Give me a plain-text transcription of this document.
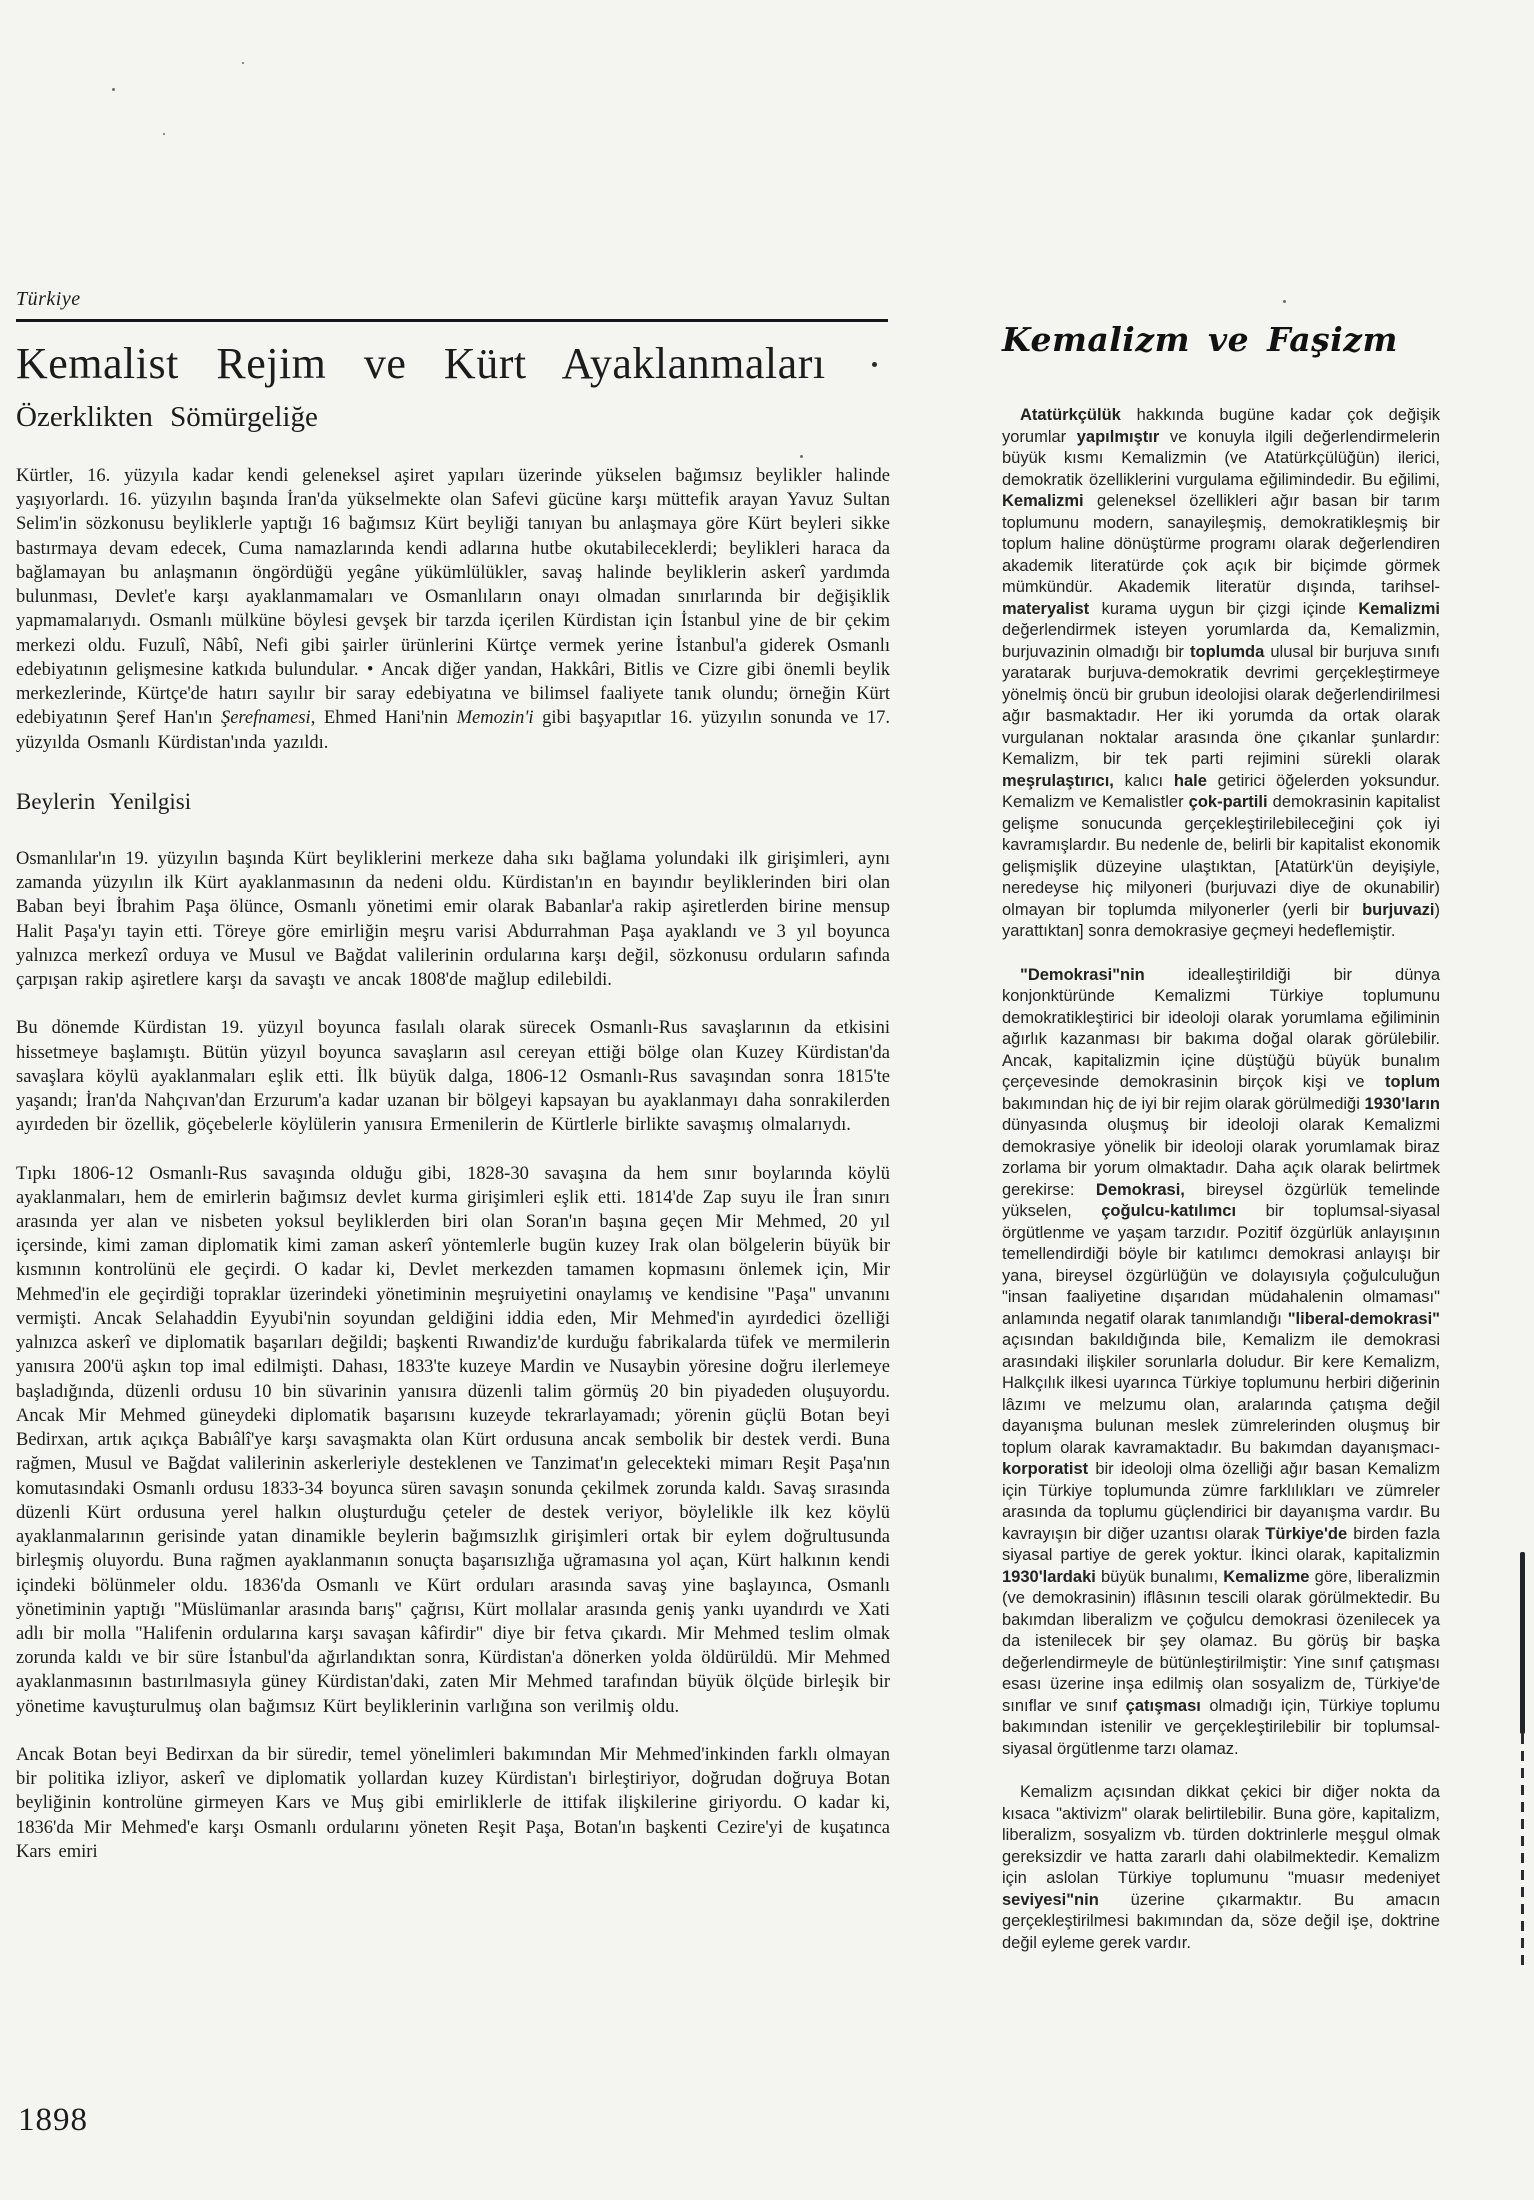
Türkiye
Kemalist Rejim ve Kürt Ayaklanmaları
Özerklikten Sömürgeliğe

Kürtler, 16. yüzyıla kadar kendi geleneksel aşiret yapıları üzerinde yükselen bağımsız beylikler halinde yaşıyorlardı. 16. yüzyılın başında İran'da yükselmekte olan Safevi gücüne karşı müttefik arayan Yavuz Sultan Selim'in sözkonusu beyliklerle yaptığı 16 bağımsız Kürt beyliği tanıyan bu anlaşmaya göre Kürt beyleri sikke bastırmaya devam edecek, Cuma namazlarında kendi adlarına hutbe okutabileceklerdi; beylikleri haraca da bağlamayan bu anlaşmanın öngördüğü yegâne yükümlülükler, savaş halinde beyliklerin askerî yardımda bulunması, Devlet'e karşı ayaklanmamaları ve Osmanlıların onayı olmadan sınırlarında bir değişiklik yapmamalarıydı. Osmanlı mülküne böylesi gevşek bir tarzda içerilen Kürdistan için İstanbul yine de bir çekim merkezi oldu. Fuzulî, Nâbî, Nefi gibi şairler ürünlerini Kürtçe vermek yerine İstanbul'a giderek Osmanlı edebiyatının gelişmesine katkıda bulundular. • Ancak diğer yandan, Hakkâri, Bitlis ve Cizre gibi önemli beylik merkezlerinde, Kürtçe'de hatırı sayılır bir saray edebiyatına ve bilimsel faaliyete tanık olundu; örneğin Kürt edebiyatının Şeref Han'ın Şerefnamesi, Ehmed Hani'nin Memozin'i gibi başyapıtlar 16. yüzyılın sonunda ve 17. yüzyılda Osmanlı Kürdistan'ında yazıldı.

Beylerin Yenilgisi

Osmanlılar'ın 19. yüzyılın başında Kürt beyliklerini merkeze daha sıkı bağlama yolundaki ilk girişimleri, aynı zamanda yüzyılın ilk Kürt ayaklanmasının da nedeni oldu. Kürdistan'ın en bayındır beyliklerinden biri olan Baban beyi İbrahim Paşa ölünce, Osmanlı yönetimi emir olarak Babanlar'a rakip aşiretlerden birine mensup Halit Paşa'yı tayin etti. Töreye göre emirliğin meşru varisi Abdurrahman Paşa ayaklandı ve 3 yıl boyunca yalnızca merkezî orduya ve Musul ve Bağdat valilerinin ordularına karşı değil, sözkonusu orduların safında çarpışan rakip aşiretlere karşı da savaştı ve ancak 1808'de mağlup edilebildi.

Bu dönemde Kürdistan 19. yüzyıl boyunca fasılalı olarak sürecek Osmanlı-Rus savaşlarının da etkisini hissetmeye başlamıştı. Bütün yüzyıl boyunca savaşların asıl cereyan ettiği bölge olan Kuzey Kürdistan'da savaşlara köylü ayaklanmaları eşlik etti. İlk büyük dalga, 1806-12 Osmanlı-Rus savaşından sonra 1815'te yaşandı; İran'da Nahçıvan'dan Erzurum'a kadar uzanan bir bölgeyi kapsayan bu ayaklanmayı daha sonrakilerden ayırdeden bir özellik, göçebelerle köylülerin yanısıra Ermenilerin de Kürtlerle birlikte savaşmış olmalarıydı.

Tıpkı 1806-12 Osmanlı-Rus savaşında olduğu gibi, 1828-30 savaşına da hem sınır boylarında köylü ayaklanmaları, hem de emirlerin bağımsız devlet kurma girişimleri eşlik etti. 1814'de Zap suyu ile İran sınırı arasında yer alan ve nisbeten yoksul beyliklerden biri olan Soran'ın başına geçen Mir Mehmed, 20 yıl içersinde, kimi zaman diplomatik kimi zaman askerî yöntemlerle bugün kuzey Irak olan bölgelerin büyük bir kısmının kontrolünü ele geçirdi. O kadar ki, Devlet merkezden tamamen kopmasını önlemek için, Mir Mehmed'in ele geçirdiği topraklar üzerindeki yönetiminin meşruiyetini onaylamış ve kendisine "Paşa" unvanını vermişti. Ancak Selahaddin Eyyubi'nin soyundan geldiğini iddia eden, Mir Mehmed'in ayırdedici özelliği yalnızca askerî ve diplomatik başarıları değildi; başkenti Rıwandiz'de kurduğu fabrikalarda tüfek ve mermilerin yanısıra 200'ü aşkın top imal edilmişti. Dahası, 1833'te kuzeye Mardin ve Nusaybin yöresine doğru ilerlemeye başladığında, düzenli ordusu 10 bin süvarinin yanısıra düzenli talim görmüş 20 bin piyadeden oluşuyordu. Ancak Mir Mehmed güneydeki diplomatik başarısını kuzeyde tekrarlayamadı; yörenin güçlü Botan beyi Bedirxan, artık açıkça Babıâlî'ye karşı savaşmakta olan Kürt ordusuna ancak sembolik bir destek verdi. Buna rağmen, Musul ve Bağdat valilerinin askerleriyle desteklenen ve Tanzimat'ın gelecekteki mimarı Reşit Paşa'nın komutasındaki Osmanlı ordusu 1833-34 boyunca süren savaşın sonunda çekilmek zorunda kaldı. Savaş sırasında düzenli Kürt ordusuna yerel halkın oluşturduğu çeteler de destek veriyor, böylelikle ilk kez köylü ayaklanmalarının gerisinde yatan dinamikle beylerin bağımsızlık girişimleri ortak bir eylem doğrultusunda birleşmiş oluyordu. Buna rağmen ayaklanmanın sonuçta başarısızlığa uğramasına yol açan, Kürt halkının kendi içindeki bölünmeler oldu. 1836'da Osmanlı ve Kürt orduları arasında savaş yine başlayınca, Osmanlı yönetiminin yaptığı "Müslümanlar arasında barış" çağrısı, Kürt mollalar arasında geniş yankı uyandırdı ve Xati adlı bir molla "Halifenin ordularına karşı savaşan kâfirdir" diye bir fetva çıkardı. Mir Mehmed teslim olmak zorunda kaldı ve bir süre İstanbul'da ağırlandıktan sonra, Kürdistan'a dönerken yolda öldürüldü. Mir Mehmed ayaklanmasının bastırılmasıyla güney Kürdistan'daki, zaten Mir Mehmed tarafından büyük ölçüde birleşik bir yönetime kavuşturulmuş olan bağımsız Kürt beyliklerinin varlığına son verilmiş oldu.

Ancak Botan beyi Bedirxan da bir süredir, temel yönelimleri bakımından Mir Mehmed'inkinden farklı olmayan bir politika izliyor, askerî ve diplomatik yollardan kuzey Kürdistan'ı birleştiriyor, doğrudan doğruya Botan beyliğinin kontrolüne girmeyen Kars ve Muş gibi emirliklerle de ittifak ilişkilerine giriyordu. O kadar ki, 1836'da Mir Mehmed'e karşı Osmanlı ordularını yöneten Reşit Paşa, Botan'ın başkenti Cezire'yi de kuşatınca Kars emiri

Kemalizm ve Faşizm

Atatürkçülük hakkında bugüne kadar çok değişik yorumlar yapılmıştır ve konuyla ilgili değerlendirmelerin büyük kısmı Kemalizmin (ve Atatürkçülüğün) ilerici, demokratik özelliklerini vurgulama eğilimindedir. Bu eğilimi, Kemalizmi geleneksel özellikleri ağır basan bir tarım toplumunu modern, sanayileşmiş, demokratikleşmiş bir toplum haline dönüştürme programı olarak değerlendiren akademik literatürde çok açık bir biçimde görmek mümkündür. Akademik literatür dışında, tarihsel-materyalist kurama uygun bir çizgi içinde Kemalizmi değerlendirmek isteyen yorumlarda da, Kemalizmin, burjuvazinin olmadığı bir toplumda ulusal bir burjuva sınıfı yaratarak burjuva-demokratik devrimi gerçekleştirmeye yönelmiş öncü bir grubun ideolojisi olarak değerlendirilmesi ağır basmaktadır. Her iki yorumda da ortak olarak vurgulanan noktalar arasında öne çıkanlar şunlardır: Kemalizm, bir tek parti rejimini sürekli olarak meşrulaştırıcı, kalıcı hale getirici öğelerden yoksundur. Kemalizm ve Kemalistler çok-partili demokrasinin kapitalist gelişme sonucunda gerçekleştirilebileceğini çok iyi kavramışlardır. Bu nedenle de, belirli bir kapitalist ekonomik gelişmişlik düzeyine ulaştıktan, [Atatürk'ün deyişiyle, neredeyse hiç milyoneri (burjuvazi diye de okunabilir) olmayan bir toplumda milyonerler (yerli bir burjuvazi) yarattıktan] sonra demokrasiye geçmeyi hedeflemiştir.

"Demokrasi"nin idealleştirildiği bir dünya konjonktüründe Kemalizmi Türkiye toplumunu demokratikleştirici bir ideoloji olarak yorumlama eğiliminin ağırlık kazanması bir bakıma doğal olarak görülebilir. Ancak, kapitalizmin içine düştüğü büyük bunalım çerçevesinde demokrasinin birçok kişi ve toplum bakımından hiç de iyi bir rejim olarak görülmediği 1930'ların dünyasında oluşmuş bir ideoloji olarak Kemalizmi demokrasiye yönelik bir ideoloji olarak yorumlamak biraz zorlama bir yorum olmaktadır. Daha açık olarak belirtmek gerekirse: Demokrasi, bireysel özgürlük temelinde yükselen, çoğulcu-katılımcı bir toplumsal-siyasal örgütlenme ve yaşam tarzıdır. Pozitif özgürlük anlayışının temellendirdiği böyle bir katılımcı demokrasi anlayışı bir yana, bireysel özgürlüğün ve dolayısıyla çoğulculuğun "insan faaliyetine dışarıdan müdahalenin olmaması" anlamında negatif olarak tanımlandığı "liberal-demokrasi" açısından bakıldığında bile, Kemalizm ile demokrasi arasındaki ilişkiler sorunlarla doludur. Bir kere Kemalizm, Halkçılık ilkesi uyarınca Türkiye toplumunu herbiri diğerinin lâzımı ve melzumu olan, aralarında çatışma değil dayanışma bulunan meslek zümrelerinden oluşmuş bir toplum olarak kavramaktadır. Bu bakımdan dayanışmacı-korporatist bir ideoloji olma özelliği ağır basan Kemalizm için Türkiye toplumunda zümre farklılıkları ve zümreler arasında da toplumu güçlendirici bir dayanışma vardır. Bu kavrayışın bir diğer uzantısı olarak Türkiye'de birden fazla siyasal partiye de gerek yoktur. İkinci olarak, kapitalizmin 1930'lardaki büyük bunalımı, Kemalizme göre, liberalizmin (ve demokrasinin) iflâsının tescili olarak görülmektedir. Bu bakımdan liberalizm ve çoğulcu demokrasi özenilecek ya da istenilecek bir şey olamaz. Bu görüş bir başka değerlendirmeyle de bütünleştirilmiştir: Yine sınıf çatışması esası üzerine inşa edilmiş olan sosyalizm de, Türkiye'de sınıflar ve sınıf çatışması olmadığı için, Türkiye toplumu bakımından istenilir ve gerçekleştirilebilir bir toplumsal-siyasal örgütlenme tarzı olamaz.

Kemalizm açısından dikkat çekici bir diğer nokta da kısaca "aktivizm" olarak belirtilebilir. Buna göre, kapitalizm, liberalizm, sosyalizm vb. türden doktrinlerle meşgul olmak gereksizdir ve hatta zararlı dahi olabilmektedir. Kemalizm için aslolan Türkiye toplumunu "muasır medeniyet seviyesi"nin üzerine çıkarmaktır. Bu amacın gerçekleştirilmesi bakımından da, söze değil işe, doktrine değil eyleme gerek vardır.

1898
